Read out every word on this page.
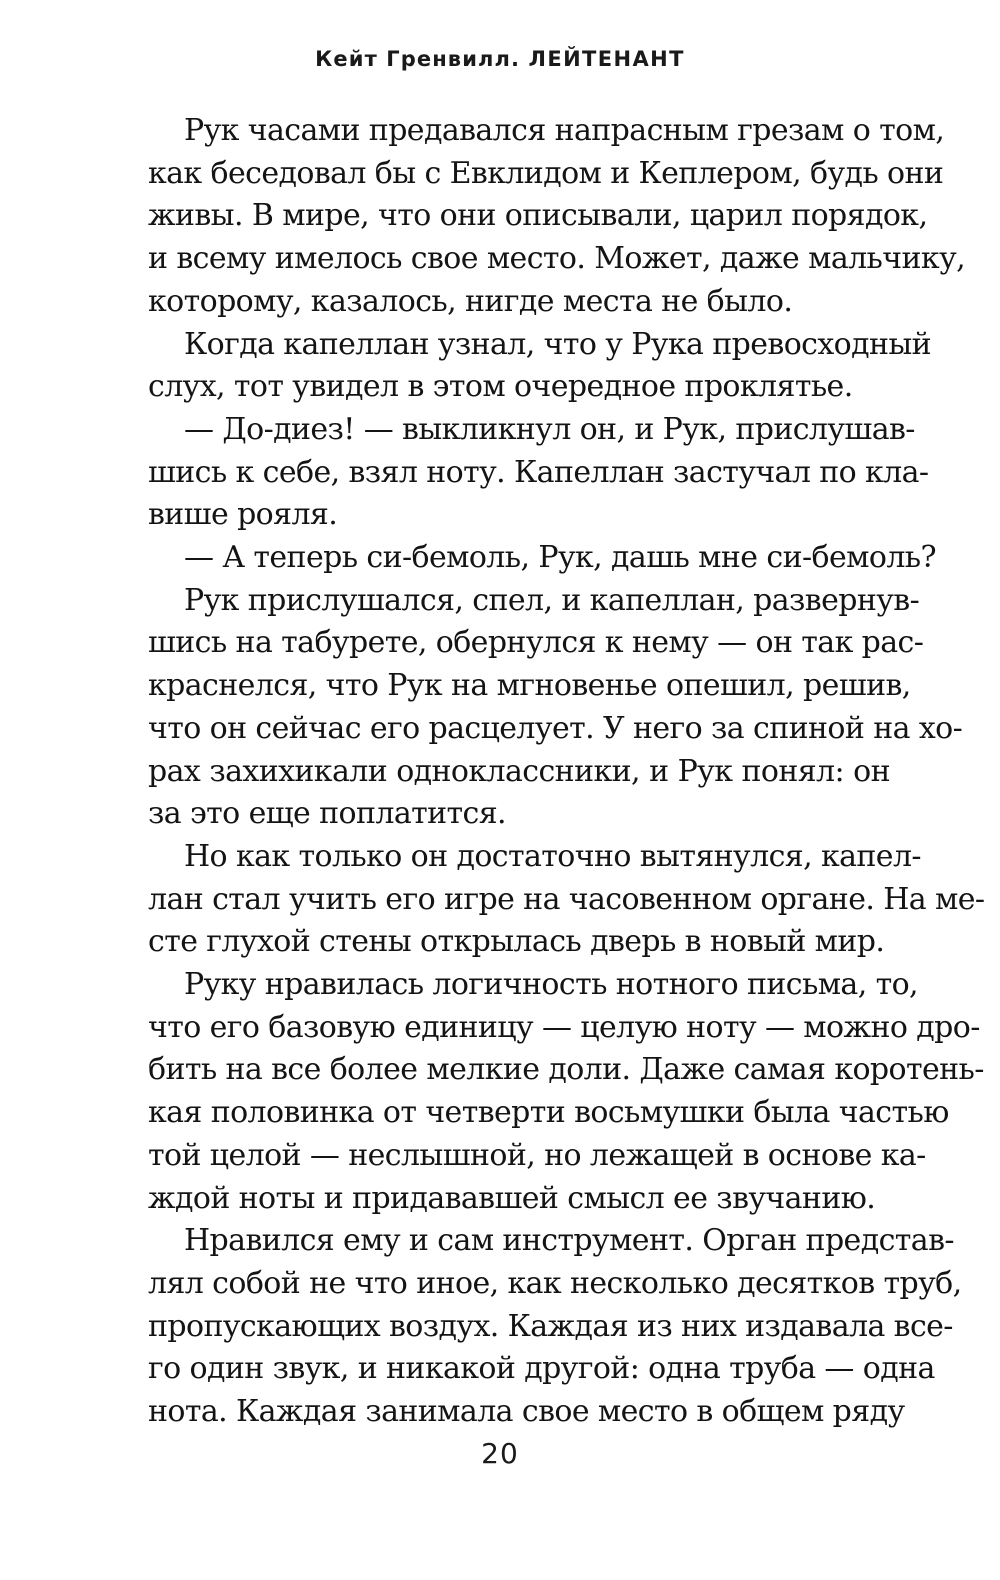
Кейт Гренвилл. ЛЕЙТЕНАНТ

Рук часами предавался напрасным грезам о том,
как беседовал бы с Евклидом и Кеплером, будь они
живы. В мире, что они описывали, царил порядок,
и всему имелось свое место. Может, даже мальчику,
которому, казалось, нигде места не было.

Когда капеллан узнал, что у Рука превосходный
слух, тот увидел в этом очередное проклятье.

— До-диез! — выкликнул он, и Рук, прислушав-
шись к себе, взял ноту. Капеллан застучал по кла-
више рояля.

— А теперь си-бемоль, Рук, дашь мне си-бемоль?

Рук прислушался, спел, и капеллан, развернув-
шись на табурете, обернулся к нему — он так рас-
краснелся, что Рук на мгновенье опешил, решив,
что он сейчас его расцелует. У него за спиной на хо-
рах захихикали одноклассники, и Рук понял: он
за это еще поплатится.

Но как только он достаточно вытянулся, капел-
лан стал учить его игре на часовенном органе. На ме-
сте глухой стены открылась дверь в новый мир.

Руку нравилась логичность нотного письма, то,
что его базовую единицу — целую ноту — можно дро-
бить на все более мелкие доли. Даже самая коротень-
кая половинка от четверти восьмушки была частью
той целой — неслышной, но лежащей в основе ка-
ждой ноты и придававшей смысл ее звучанию.

Нравился ему и сам инструмент. Орган представ-
лял собой не что иное, как несколько десятков труб,
пропускающих воздух. Каждая из них издавала все-
го один звук, и никакой другой: одна труба — одна
нота. Каждая занимала свое место в общем ряду

20
